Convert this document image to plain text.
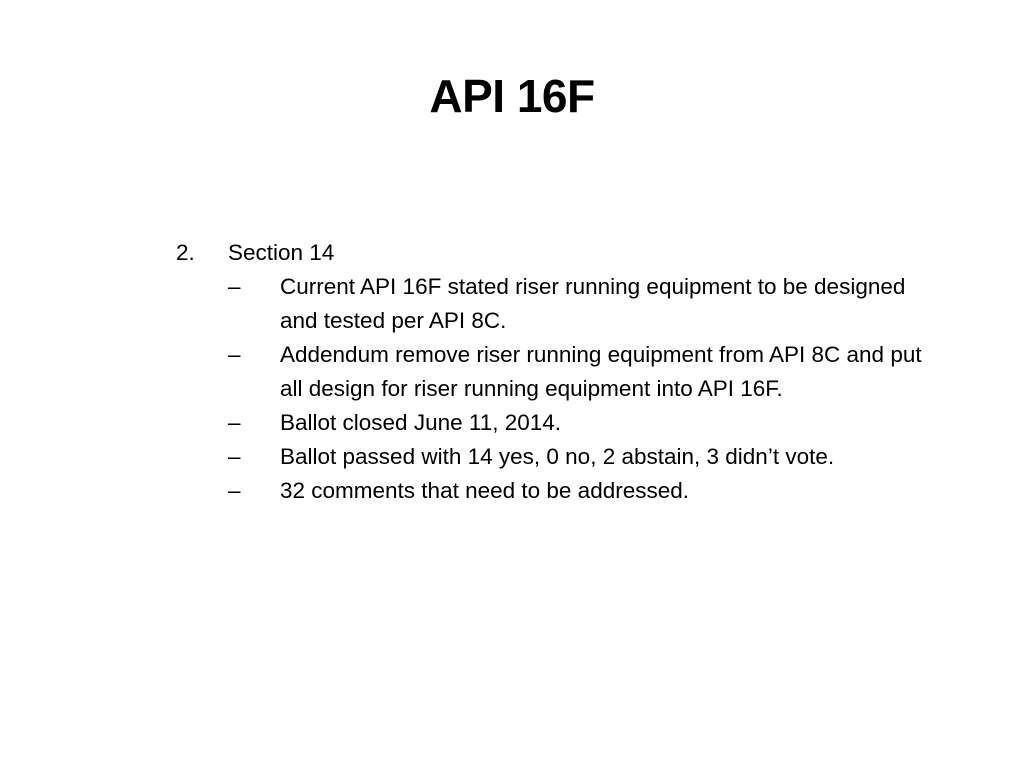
API 16F
2. Section 14
‒ Current API 16F stated riser running equipment to be designed and tested per API 8C.
‒ Addendum remove riser running equipment from API 8C and put all design for riser running equipment into API 16F.
‒ Ballot closed June 11, 2014.
‒ Ballot passed with 14 yes, 0 no, 2 abstain, 3 didn’t vote.
‒ 32 comments that need to be addressed.
